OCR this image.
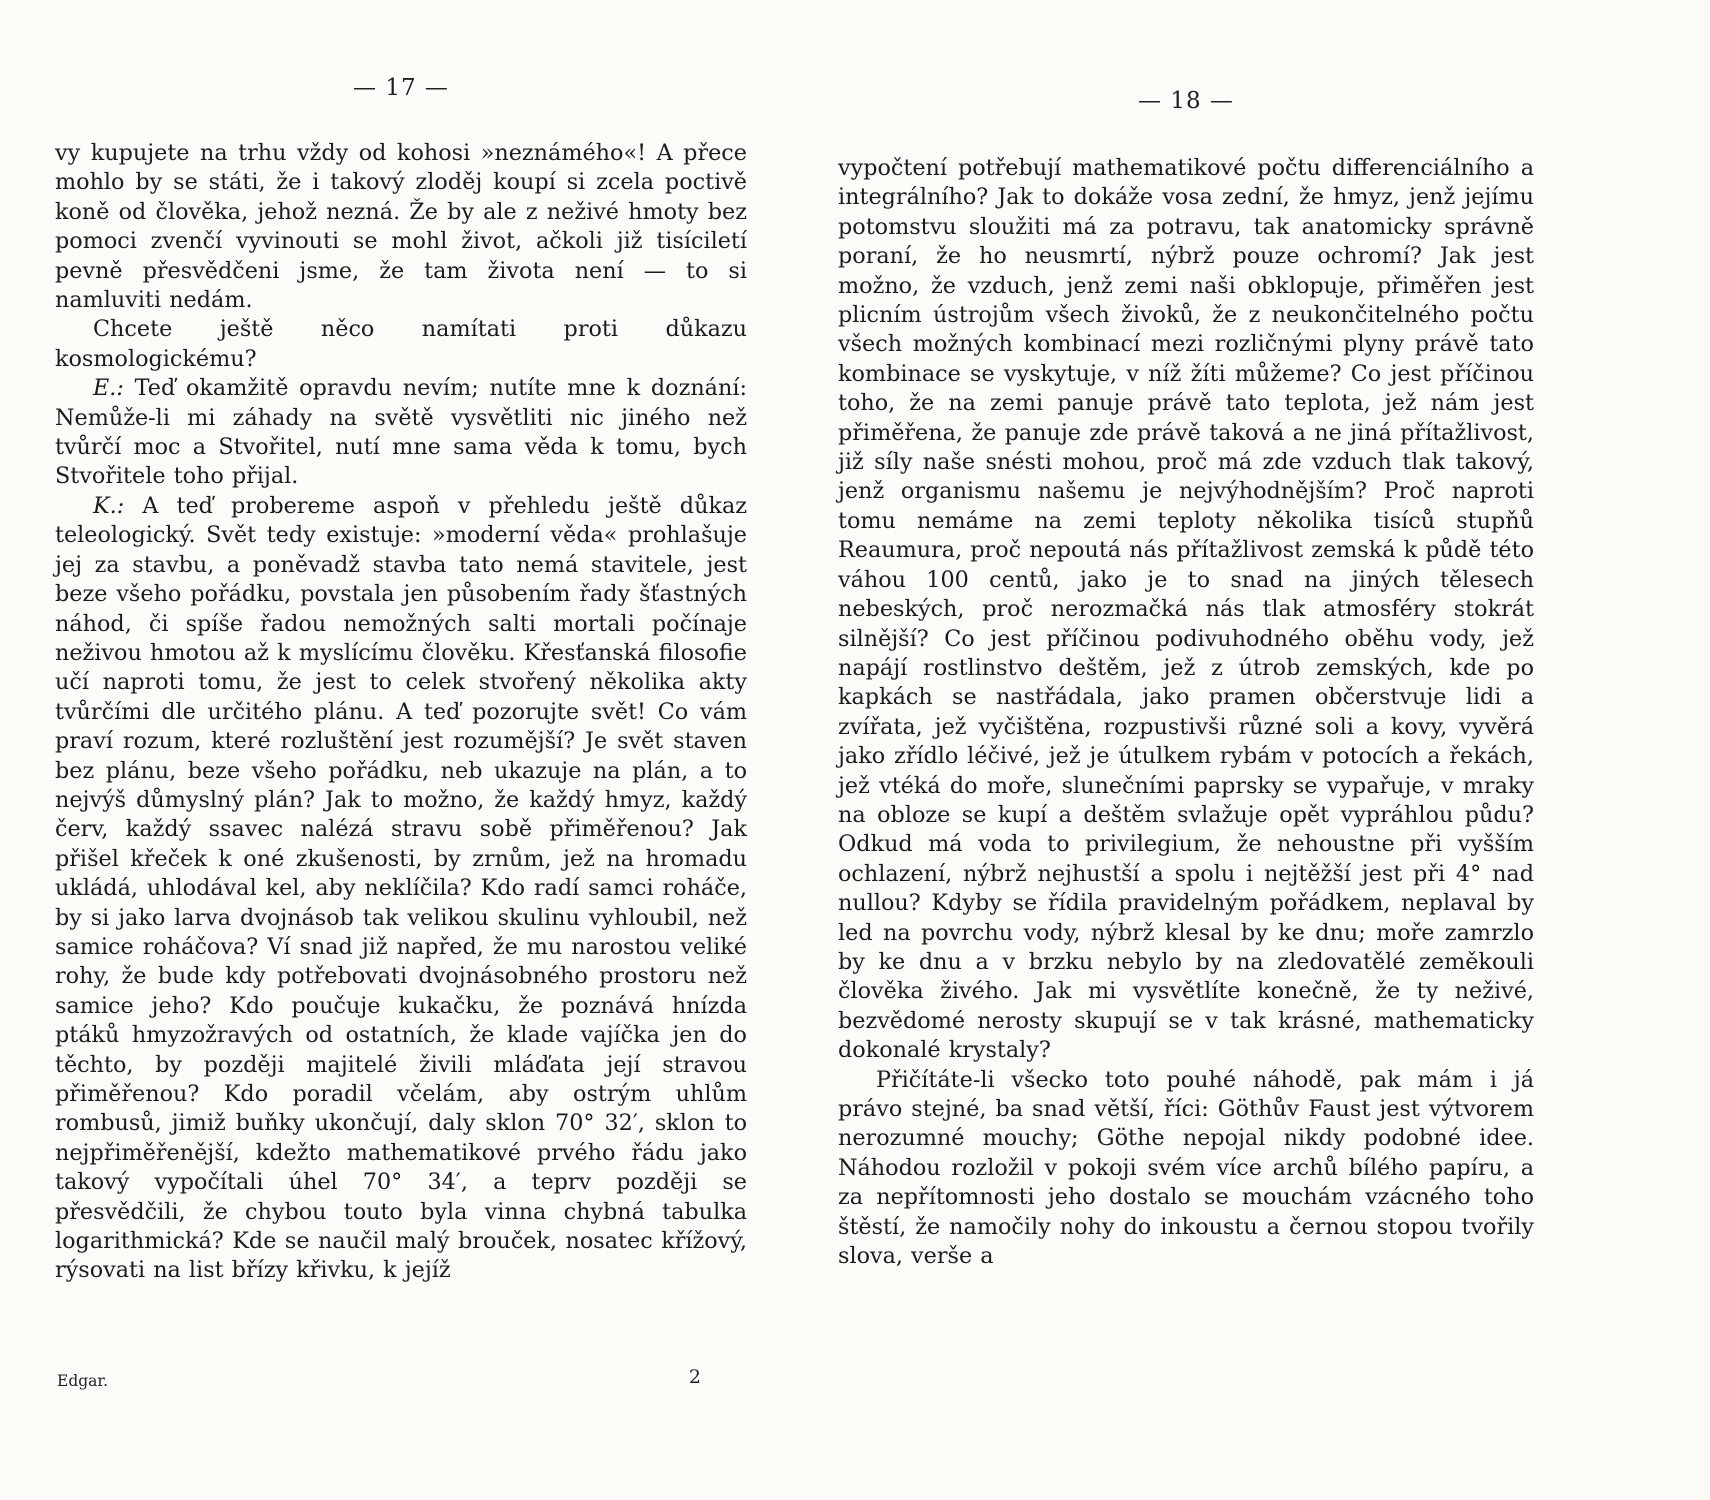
— 17 —

vy kupujete na trhu vždy od kohosi »neznámého«! A přece mohlo by se státi, že i takový zloděj koupí si zcela poctivě koně od člověka, jehož nezná. Že by ale z neživé hmoty bez pomoci zvenčí vyvinouti se mohl život, ačkoli již tisíciletí pevně přesvědčeni jsme, že tam života není — to si namluviti nedám.

Chcete ještě něco namítati proti důkazu kosmologickému?

E.: Teď okamžitě opravdu nevím; nutíte mne k doznání: Nemůže-li mi záhady na světě vysvětliti nic jiného než tvůrčí moc a Stvořitel, nutí mne sama věda k tomu, bych Stvořitele toho přijal.

K.: A teď probereme aspoň v přehledu ještě důkaz teleologický. Svět tedy existuje: »moderní věda« prohlašuje jej za stavbu, a poněvadž stavba tato nemá stavitele, jest beze všeho pořádku, povstala jen působením řady šťastných náhod, či spíše řadou nemožných salti mortali počínaje neživou hmotou až k myslícímu člověku. Křesťanská filosofie učí naproti tomu, že jest to celek stvořený několika akty tvůrčími dle určitého plánu. A teď pozorujte svět! Co vám praví rozum, které rozluštění jest rozumější? Je svět staven bez plánu, beze všeho pořádku, neb ukazuje na plán, a to nejvýš důmyslný plán? Jak to možno, že každý hmyz, každý červ, každý ssavec nalézá stravu sobě přiměřenou? Jak přišel křeček k oné zkušenosti, by zrnům, jež na hromadu ukládá, uhlodával kel, aby neklíčila? Kdo radí samci roháče, by si jako larva dvojnásob tak velikou skulinu vyhloubil, než samice roháčova? Ví snad již napřed, že mu narostou veliké rohy, že bude kdy potřebovati dvojnásobného prostoru než samice jeho? Kdo poučuje kukačku, že poznává hnízda ptáků hmyzožravých od ostatních, že klade vajíčka jen do těchto, by později majitelé živili mláďata její stravou přiměřenou? Kdo poradil včelám, aby ostrým uhlům rombusů, jimiž buňky ukončují, daly sklon 70° 32′, sklon to nejpřiměřenější, kdežto mathematikové prvého řádu jako takový vypočítali úhel 70° 34′, a teprv později se přesvědčili, že chybou touto byla vinna chybná tabulka logarithmická? Kde se naučil malý brouček, nosatec křížový, rýsovati na list břízy křivku, k jejíž

Edgar.	2
— 18 —

vypočtení potřebují mathematikové počtu differenciálního a integrálního? Jak to dokáže vosa zední, že hmyz, jenž jejímu potomstvu sloužiti má za potravu, tak anatomicky správně poraní, že ho neusmrtí, nýbrž pouze ochromí? Jak jest možno, že vzduch, jenž zemi naši obklopuje, přiměřen jest plicním ústrojům všech živoků, že z neukončitelného počtu všech možných kombinací mezi rozličnými plyny právě tato kombinace se vyskytuje, v níž žíti můžeme? Co jest příčinou toho, že na zemi panuje právě tato teplota, jež nám jest přiměřena, že panuje zde právě taková a ne jiná přítažlivost, již síly naše snésti mohou, proč má zde vzduch tlak takový, jenž organismu našemu je nejvýhodnějším? Proč naproti tomu nemáme na zemi teploty několika tisíců stupňů Reaumura, proč nepoutá nás přítažlivost zemská k půdě této váhou 100 centů, jako je to snad na jiných tělesech nebeských, proč nerozmačká nás tlak atmosféry stokrát silnější? Co jest příčinou podivuhodného oběhu vody, jež napájí rostlinstvo deštěm, jež z útrob zemských, kde po kapkách se nastřádala, jako pramen občerstvuje lidi a zvířata, jež vyčištěna, rozpustivši různé soli a kovy, vyvěrá jako zřídlo léčivé, jež je útulkem rybám v potocích a řekách, jež vtéká do moře, slunečními paprsky se vypařuje, v mraky na obloze se kupí a deštěm svlažuje opět vypráhlou půdu? Odkud má voda to privilegium, že nehoustne při vyšším ochlazení, nýbrž nejhustší a spolu i nejtěžší jest při 4° nad nullou? Kdyby se řídila pravidelným pořádkem, neplaval by led na povrchu vody, nýbrž klesal by ke dnu; moře zamrzlo by ke dnu a v brzku nebylo by na zledovatělé zeměkouli člověka živého. Jak mi vysvětlíte konečně, že ty neživé, bezvědomé nerosty skupují se v tak krásné, mathematicky dokonalé krystaly?

Přičítáte-li všecko toto pouhé náhodě, pak mám i já právo stejné, ba snad větší, říci: Göthův Faust jest výtvorem nerozumné mouchy; Göthe nepojal nikdy podobné idee. Náhodou rozložil v pokoji svém více archů bílého papíru, a za nepřítomnosti jeho dostalo se mouchám vzácného toho štěstí, že namočily nohy do inkoustu a černou stopou tvořily slova, verše a
